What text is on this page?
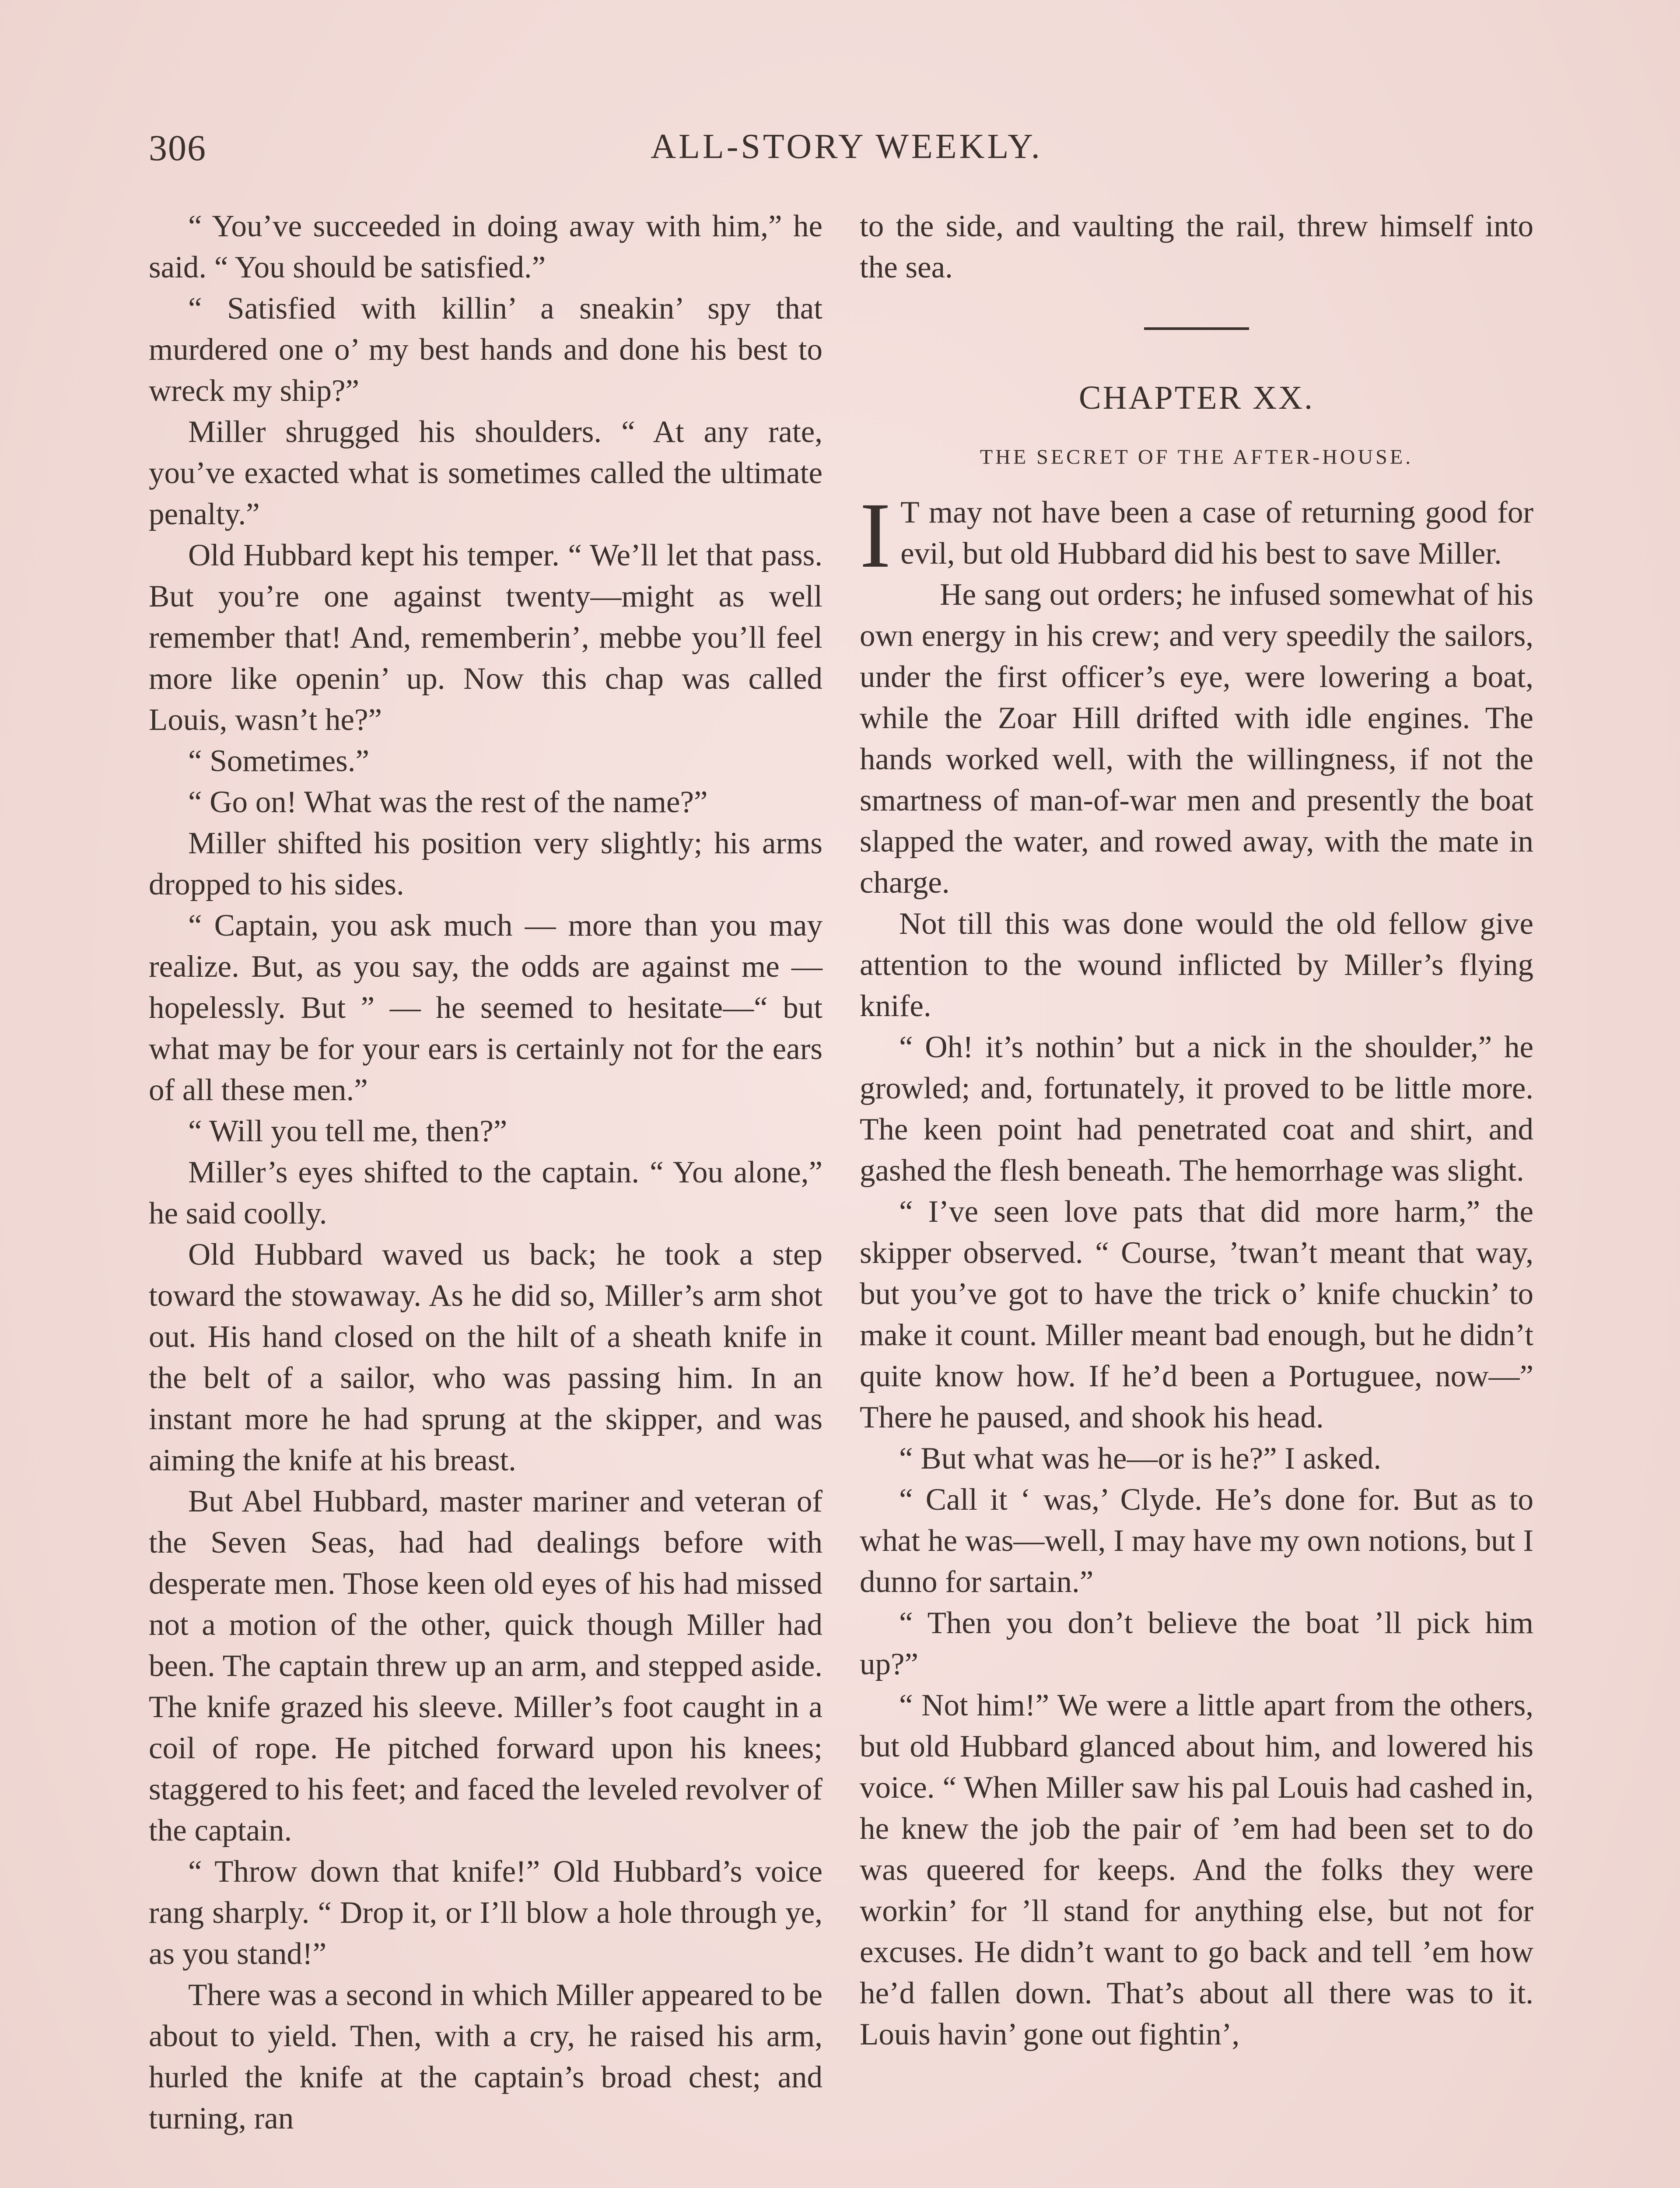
306	ALL-STORY WEEKLY.

“ You’ve succeeded in doing away with him,” he said. “ You should be satisfied.”

“ Satisfied with killin’ a sneakin’ spy that murdered one o’ my best hands and done his best to wreck my ship?”

Miller shrugged his shoulders. “ At any rate, you’ve exacted what is sometimes called the ultimate penalty.”

Old Hubbard kept his temper. “ We’ll let that pass. But you’re one against twenty—might as well remember that! And, rememberin’, mebbe you’ll feel more like openin’ up. Now this chap was called Louis, wasn’t he?”

“ Sometimes.”

“ Go on! What was the rest of the name?”

Miller shifted his position very slightly; his arms dropped to his sides.

“ Captain, you ask much — more than you may realize. But, as you say, the odds are against me — hopelessly. But ” — he seemed to hesitate—“ but what may be for your ears is certainly not for the ears of all these men.”

“ Will you tell me, then?”

Miller’s eyes shifted to the captain. “ You alone,” he said coolly.

Old Hubbard waved us back; he took a step toward the stowaway. As he did so, Miller’s arm shot out. His hand closed on the hilt of a sheath knife in the belt of a sailor, who was passing him. In an instant more he had sprung at the skipper, and was aiming the knife at his breast.

But Abel Hubbard, master mariner and veteran of the Seven Seas, had had dealings before with desperate men. Those keen old eyes of his had missed not a motion of the other, quick though Miller had been. The captain threw up an arm, and stepped aside. The knife grazed his sleeve. Miller’s foot caught in a coil of rope. He pitched forward upon his knees; staggered to his feet; and faced the leveled revolver of the captain.

“ Throw down that knife!” Old Hubbard’s voice rang sharply. “ Drop it, or I’ll blow a hole through ye, as you stand!”

There was a second in which Miller appeared to be about to yield. Then, with a cry, he raised his arm, hurled the knife at the captain’s broad chest; and turning, ran

to the side, and vaulting the rail, threw himself into the sea.

CHAPTER XX.
THE SECRET OF THE AFTER-HOUSE.

I T may not have been a case of returning good for evil, but old Hubbard did his best to save Miller.

He sang out orders; he infused somewhat of his own energy in his crew; and very speedily the sailors, under the first officer’s eye, were lowering a boat, while the Zoar Hill drifted with idle engines. The hands worked well, with the willingness, if not the smartness of man-of-war men and presently the boat slapped the water, and rowed away, with the mate in charge.

Not till this was done would the old fellow give attention to the wound inflicted by Miller’s flying knife.

“ Oh! it’s nothin’ but a nick in the shoulder,” he growled; and, fortunately, it proved to be little more. The keen point had penetrated coat and shirt, and gashed the flesh beneath. The hemorrhage was slight.

“ I’ve seen love pats that did more harm,” the skipper observed. “ Course, ’twan’t meant that way, but you’ve got to have the trick o’ knife chuckin’ to make it count. Miller meant bad enough, but he didn’t quite know how. If he’d been a Portuguee, now—” There he paused, and shook his head.

“ But what was he—or is he?” I asked.

“ Call it ‘ was,’ Clyde. He’s done for. But as to what he was—well, I may have my own notions, but I dunno for sartain.”

“ Then you don’t believe the boat ’ll pick him up?”

“ Not him!” We were a little apart from the others, but old Hubbard glanced about him, and lowered his voice. “ When Miller saw his pal Louis had cashed in, he knew the job the pair of ’em had been set to do was queered for keeps. And the folks they were workin’ for ’ll stand for anything else, but not for excuses. He didn’t want to go back and tell ’em how he’d fallen down. That’s about all there was to it. Louis havin’ gone out fightin’,
